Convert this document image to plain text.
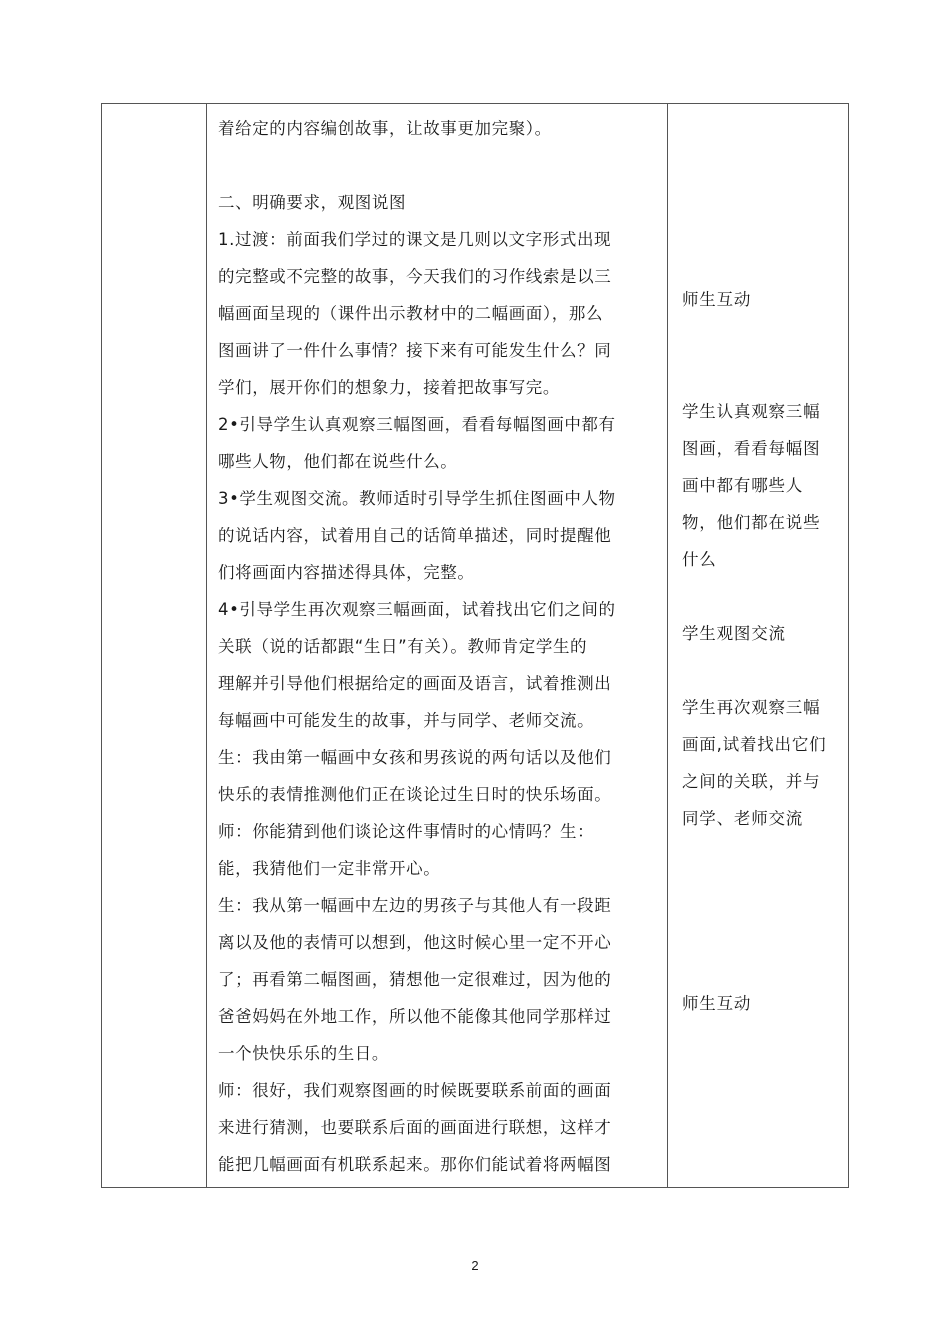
着给定的内容编创故事，让故事更加完聚）。
二、明确要求，观图说图
1.过渡：前面我们学过的课文是几则以文字形式出现
的完整或不完整的故事，今天我们的习作线索是以三
幅画面呈现的（课件出示教材中的二幅画面），那么
图画讲了一件什么事情？接下来有可能发生什么？同
学们，展开你们的想象力，接着把故事写完。
2•引导学生认真观察三幅图画，看看每幅图画中都有
哪些人物，他们都在说些什么。
3•学生观图交流。教师适时引导学生抓住图画中人物
的说话内容，试着用自己的话简单描述，同时提醒他
们将画面内容描述得具体，完整。
4•引导学生再次观察三幅画面，试着找出它们之间的
关联（说的话都跟“生日”有关）。教师肯定学生的
理解并引导他们根据给定的画面及语言，试着推测出
每幅画中可能发生的故事，并与同学、老师交流。
生：我由第一幅画中女孩和男孩说的两句话以及他们
快乐的表情推测他们正在谈论过生日时的快乐场面。
师：你能猜到他们谈论这件事情时的心情吗？生：
能，我猜他们一定非常开心。
生：我从第一幅画中左边的男孩子与其他人有一段距
离以及他的表情可以想到，他这时候心里一定不开心
了；再看第二幅图画，猜想他一定很难过，因为他的
爸爸妈妈在外地工作，所以他不能像其他同学那样过
一个快快乐乐的生日。
师：很好，我们观察图画的时候既要联系前面的画面
来进行猜测，也要联系后面的画面进行联想，这样才
能把几幅画面有机联系起来。那你们能试着将两幅图
师生互动
学生认真观察三幅
图画，看看每幅图
画中都有哪些人
物，他们都在说些
什么
学生观图交流
学生再次观察三幅
画面,试着找出它们
之间的关联，并与
同学、老师交流
师生互动
2
